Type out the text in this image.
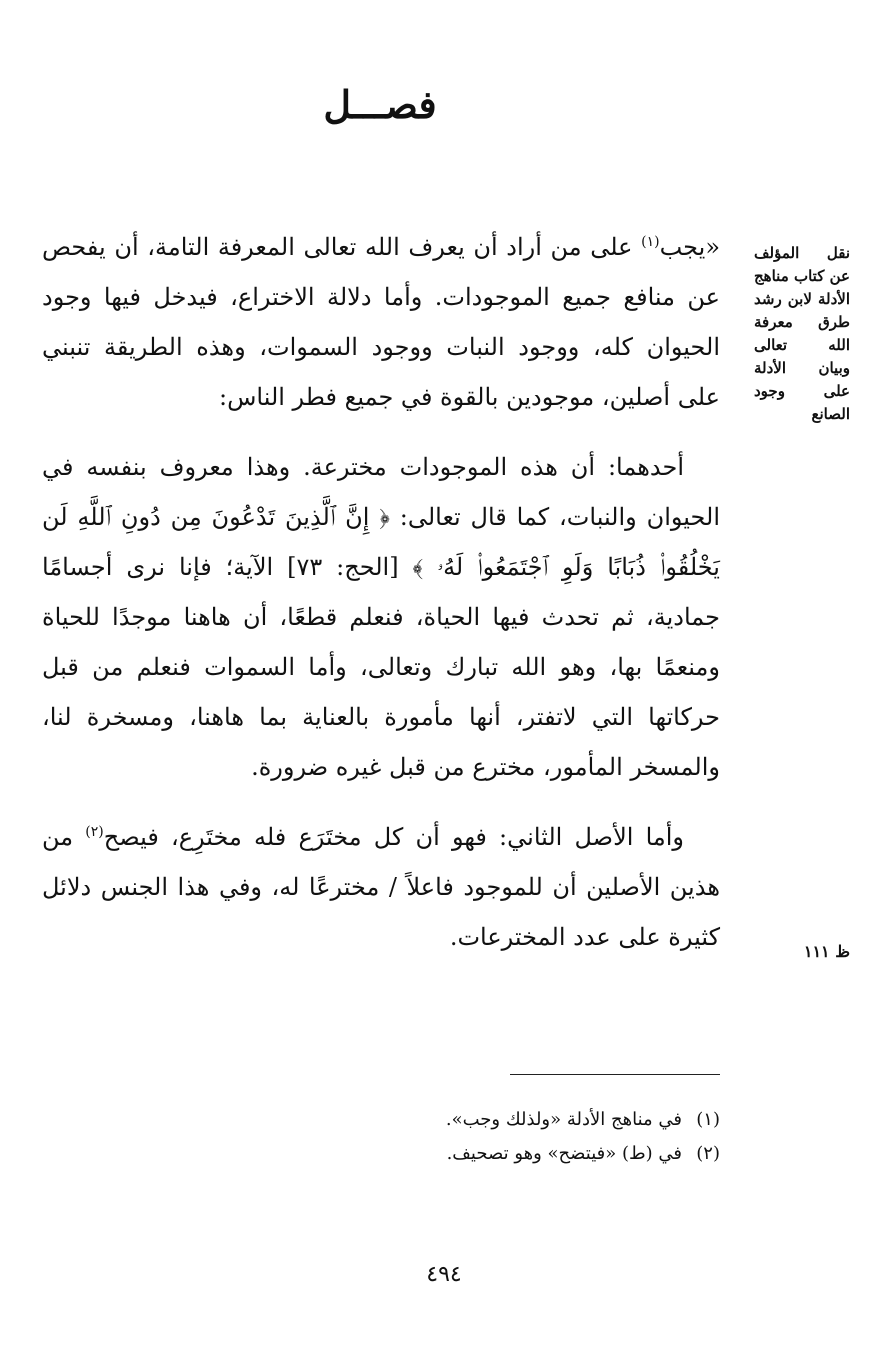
فصـــل
نقل المؤلف عن كتاب مناهج الأدلة لابن رشد طرق معرفة الله تعالى وبيان الأدلة على وجود الصانع
ظ ١١١

«يجب$^{(١)}$ على من أراد أن يعرف الله تعالى المعرفة التامة، أن يفحص عن منافع جميع الموجودات. وأما دلالة الاختراع، فيدخل فيها وجود الحيوان كله، ووجود النبات ووجود السموات، وهذه الطريقة تنبني على أصلين، موجودين بالقوة في جميع فطر الناس:

أحدهما: أن هذه الموجودات مخترعة. وهذا معروف بنفسه في الحيوان والنبات، كما قال تعالى: ﴿ إِنَّ ٱلَّذِينَ تَدْعُونَ مِن دُونِ ٱللَّهِ لَن يَخْلُقُوا۟ ذُبَابًا وَلَوِ ٱجْتَمَعُوا۟ لَهُۥ ﴾ [الحج: ٧٣] الآية؛ فإنا نرى أجسامًا جمادية، ثم تحدث فيها الحياة، فنعلم قطعًا، أن هاهنا موجدًا للحياة ومنعمًا بها، وهو الله تبارك وتعالى، وأما السموات فنعلم من قبل حركاتها التي لاتفتر، أنها مأمورة بالعناية بما هاهنا، ومسخرة لنا، والمسخر المأمور، مخترع من قبل غيره ضرورة.

وأما الأصل الثاني: فهو أن كل مختَرَع فله مختَرِع، فيصح$^{(٢)}$ من هذين الأصلين أن للموجود فاعلاً / مخترعًا له، وفي هذا الجنس دلائل كثيرة على عدد المخترعات.

(١)في مناهج الأدلة «ولذلك وجب».
(٢)في (ط) «فيتضح» وهو تصحيف.
٤٩٤
